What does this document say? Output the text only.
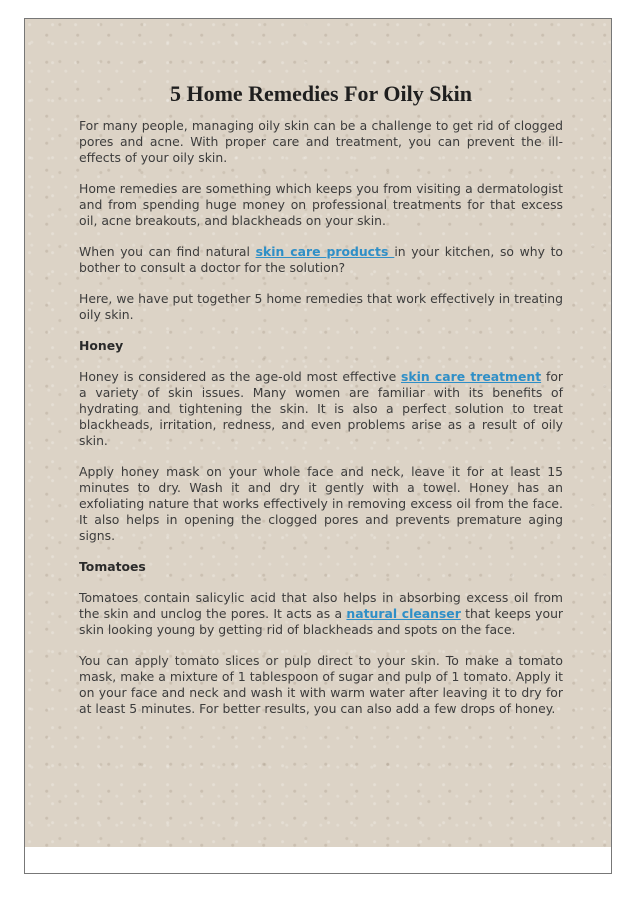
5 Home Remedies For Oily Skin

For many people, managing oily skin can be a challenge to get rid of clogged pores and acne. With proper care and treatment, you can prevent the ill-effects of your oily skin.

Home remedies are something which keeps you from visiting a dermatologist and from spending huge money on professional treatments for that excess oil, acne breakouts, and blackheads on your skin.

When you can find natural skin care products in your kitchen, so why to bother to consult a doctor for the solution?

Here, we have put together 5 home remedies that work effectively in treating oily skin.

Honey

Honey is considered as the age-old most effective skin care treatment for a variety of skin issues. Many women are familiar with its benefits of hydrating and tightening the skin. It is also a perfect solution to treat blackheads, irritation, redness, and even problems arise as a result of oily skin.

Apply honey mask on your whole face and neck, leave it for at least 15 minutes to dry. Wash it and dry it gently with a towel. Honey has an exfoliating nature that works effectively in removing excess oil from the face. It also helps in opening the clogged pores and prevents premature aging signs.

Tomatoes

Tomatoes contain salicylic acid that also helps in absorbing excess oil from the skin and unclog the pores. It acts as a natural cleanser that keeps your skin looking young by getting rid of blackheads and spots on the face.

You can apply tomato slices or pulp direct to your skin. To make a tomato mask, make a mixture of 1 tablespoon of sugar and pulp of 1 tomato. Apply it on your face and neck and wash it with warm water after leaving it to dry for at least 5 minutes. For better results, you can also add a few drops of honey.
